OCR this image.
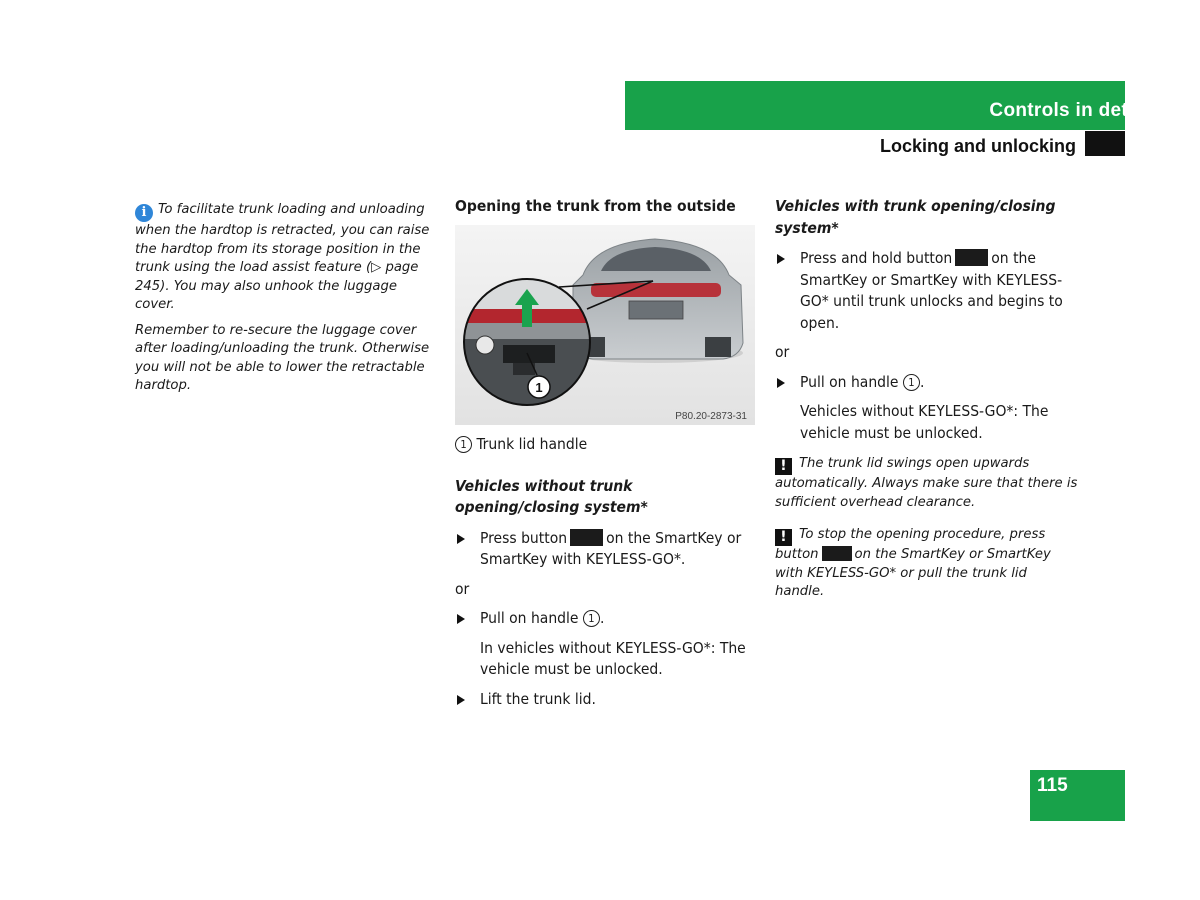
Controls in detail
Locking and unlocking

i To facilitate trunk loading and unloading when the hardtop is retracted, you can raise the hardtop from its storage position in the trunk using the load assist feature (▷ page 245). You may also unhook the luggage cover.

Remember to re-secure the luggage cover after loading/unloading the trunk. Otherwise you will not be able to lower the retractable hardtop.

Opening the trunk from the outside

1
P80.20-2873-31

1 Trunk lid handle

Vehicles without trunk opening/closing system*

Press button	on the SmartKey or SmartKey with KEYLESS-GO*.

or

Pull on handle 1 .

In vehicles without KEYLESS-GO*: The vehicle must be unlocked.

Lift the trunk lid.

Vehicles with trunk opening/closing system*

Press and hold button	on the SmartKey or SmartKey with KEYLESS-GO* until trunk unlocks and begins to open.

or

Pull on handle 1 .

Vehicles without KEYLESS-GO*: The vehicle must be unlocked.

! The trunk lid swings open upwards automatically. Always make sure that there is sufficient overhead clearance.

! To stop the opening procedure, press button	on the SmartKey or SmartKey with KEYLESS-GO* or pull the trunk lid handle.

115
